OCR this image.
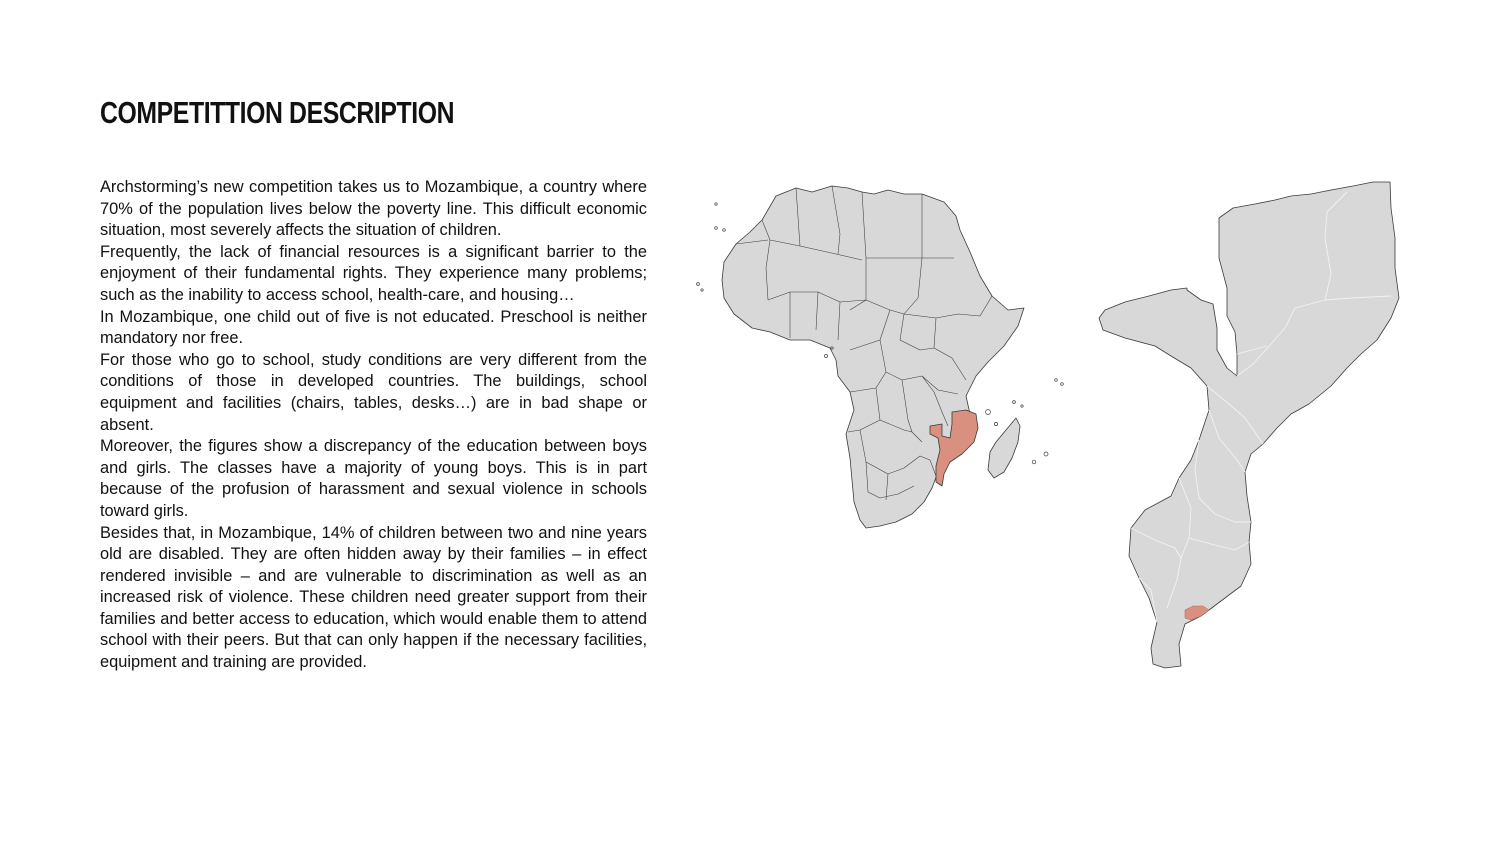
COMPETITTION DESCRIPTION

Archstorming’s new competition takes us to Mozambique, a country where 70% of the population lives below the poverty line. This difficult economic situation, most severely affects the situation of children.

Frequently, the lack of financial resources is a significant barrier to the enjoyment of their fundamental rights. They experience many problems; such as the inability to access school, health-care, and housing…

In Mozambique, one child out of five is not educated. Preschool is neither mandatory nor free.

For those who go to school, study conditions are very different from the conditions of those in developed countries. The buildings, school equipment and facilities (chairs, tables, desks…) are in bad shape or absent.

Moreover, the figures show a discrepancy of the education between boys and girls. The classes have a majority of young boys. This is in part because of the profusion of harassment and sexual violence in schools toward girls.

Besides that, in Mozambique, 14% of children between two and nine years old are disabled. They are often hidden away by their families – in effect rendered invisible – and are vulnerable to discrimination as well as an increased risk of violence. These children need greater support from their families and better access to education, which would enable them to attend school with their peers. But that can only happen if the necessary facilities, equipment and training are provided.
